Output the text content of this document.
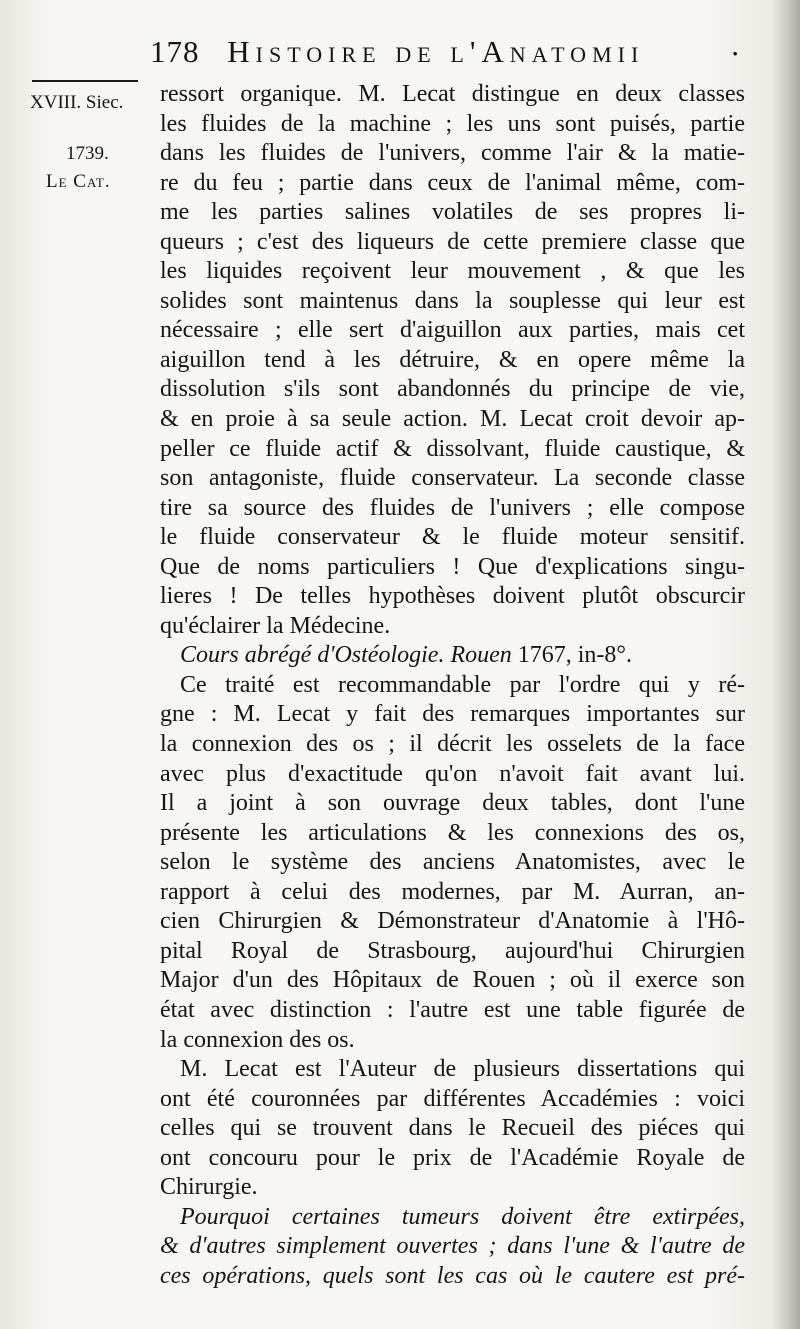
178 Histoire de l'Anatomii	·
XVIII. Siec.
1739.
Le Cat.
ressort organique. M. Lecat distingue en deux classes
les fluides de la machine ; les uns sont puisés, partie
dans les fluides de l'univers, comme l'air & la matie-
re du feu ; partie dans ceux de l'animal même, com-
me les parties salines volatiles de ses propres li-
queurs ; c'est des liqueurs de cette premiere classe que
les liquides reçoivent leur mouvement , & que les
solides sont maintenus dans la souplesse qui leur est
nécessaire ; elle sert d'aiguillon aux parties, mais cet
aiguillon tend à les détruire, & en opere même la
dissolution s'ils sont abandonnés du principe de vie,
& en proie à sa seule action. M. Lecat croit devoir ap-
peller ce fluide actif & dissolvant, fluide caustique, &
son antagoniste, fluide conservateur. La seconde classe
tire sa source des fluides de l'univers ; elle compose
le fluide conservateur & le fluide moteur sensitif.
Que de noms particuliers ! Que d'explications singu-
lieres ! De telles hypothèses doivent plutôt obscurcir
qu'éclairer la Médecine.
Cours abrégé d'Ostéologie. Rouen 1767, in-8°.
Ce traité est recommandable par l'ordre qui y ré-
gne : M. Lecat y fait des remarques importantes sur
la connexion des os ; il décrit les osselets de la face
avec plus d'exactitude qu'on n'avoit fait avant lui.
Il a joint à son ouvrage deux tables, dont l'une
présente les articulations & les connexions des os,
selon le système des anciens Anatomistes, avec le
rapport à celui des modernes, par M. Aurran, an-
cien Chirurgien & Démonstrateur d'Anatomie à l'Hô-
pital Royal de Strasbourg, aujourd'hui Chirurgien
Major d'un des Hôpitaux de Rouen ; où il exerce son
état avec distinction : l'autre est une table figurée de
la connexion des os.
M. Lecat est l'Auteur de plusieurs dissertations qui
ont été couronnées par différentes Accadémies : voici
celles qui se trouvent dans le Recueil des piéces qui
ont concouru pour le prix de l'Académie Royale de
Chirurgie.
Pourquoi certaines tumeurs doivent être extirpées,
& d'autres simplement ouvertes ; dans l'une & l'autre de
ces opérations, quels sont les cas où le cautere est pré-
